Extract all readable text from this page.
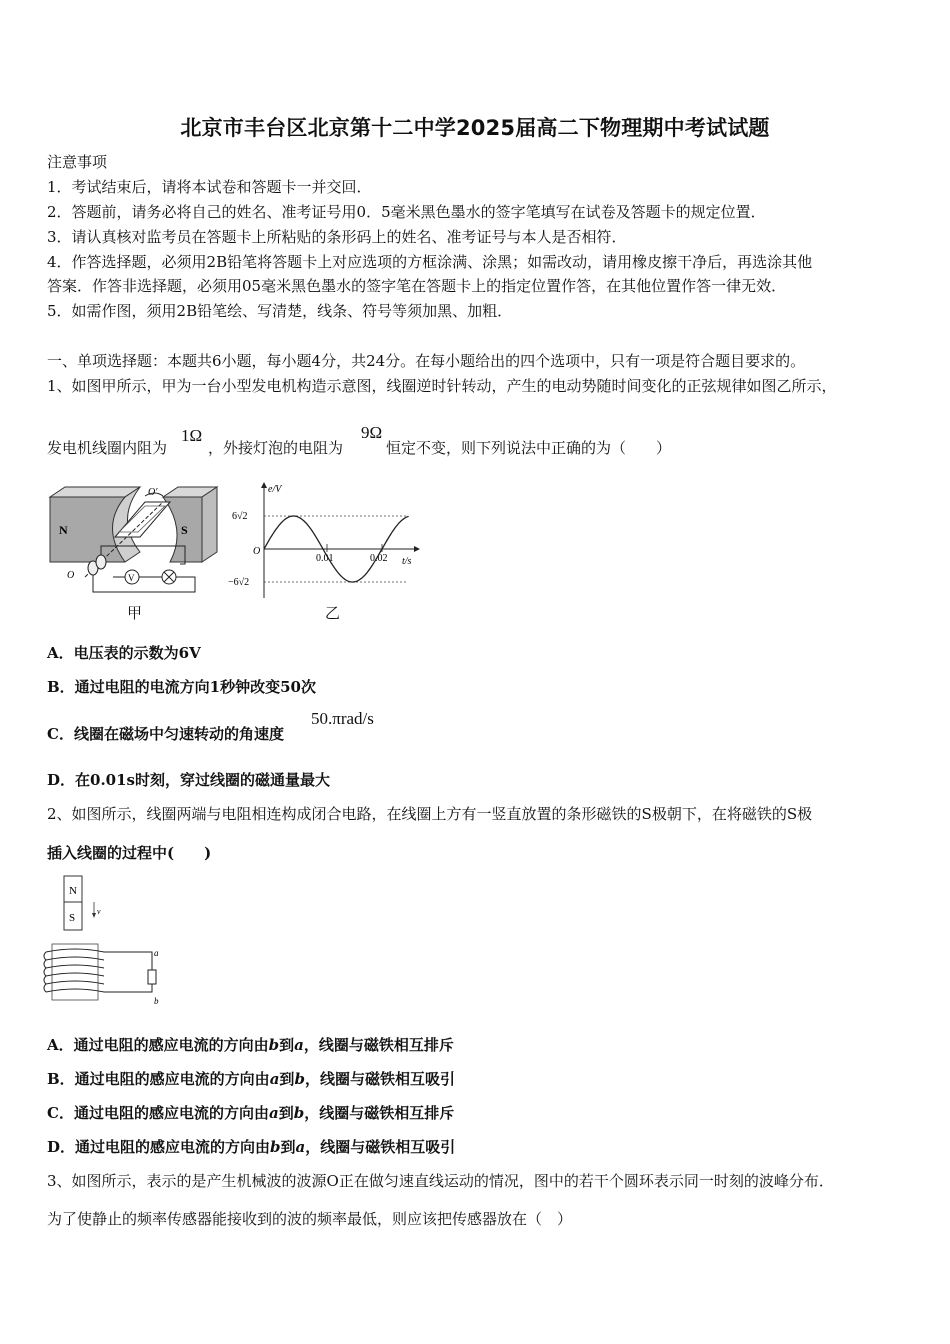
北京市丰台区北京第十二中学2025届高二下物理期中考试试题
注意事项
1．考试结束后，请将本试卷和答题卡一并交回．
2．答题前，请务必将自己的姓名、准考证号用0．5毫米黑色墨水的签字笔填写在试卷及答题卡的规定位置．
3．请认真核对监考员在答题卡上所粘贴的条形码上的姓名、准考证号与本人是否相符．
4．作答选择题，必须用2B铅笔将答题卡上对应选项的方框涂满、涂黑；如需改动，请用橡皮擦干净后，再选涂其他
答案．作答非选择题，必须用05毫米黑色墨水的签字笔在答题卡上的指定位置作答，在其他位置作答一律无效．
5．如需作图，须用2B铅笔绘、写清楚，线条、符号等须加黑、加粗．
一、单项选择题：本题共6小题，每小题4分，共24分。在每小题给出的四个选项中，只有一项是符合题目要求的。
1、如图甲所示，甲为一台小型发电机构造示意图，线圈逆时针转动，产生的电动势随时间变化的正弦规律如图乙所示，
发电机线圈内阻为
1Ω
，外接灯泡的电阻为
9Ω
恒定不变，则下列说法中正确的为（　　）
N	S
O′
O	V
甲
e/V
t/s
O
6√2
−6√2
0.01	0.02
乙
A．电压表的示数为6V
B．通过电阻的电流方向1秒钟改变50次
C．线圈在磁场中匀速转动的角速度
50.πrad/s
D．在0.01s时刻，穿过线圈的磁通量最大
2、如图所示，线圈两端与电阻相连构成闭合电路，在线圈上方有一竖直放置的条形磁铁的S极朝下，在将磁铁的S极
插入线圈的过程中(　　)
N
S
v
a
b
A．通过电阻的感应电流的方向由b到a，线圈与磁铁相互排斥
B．通过电阻的感应电流的方向由a到b，线圈与磁铁相互吸引
C．通过电阻的感应电流的方向由a到b，线圈与磁铁相互排斥
D．通过电阻的感应电流的方向由b到a，线圈与磁铁相互吸引
3、如图所示，表示的是产生机械波的波源O正在做匀速直线运动的情况，图中的若干个圆环表示同一时刻的波峰分布．
为了使静止的频率传感器能接收到的波的频率最低，则应该把传感器放在（　）
